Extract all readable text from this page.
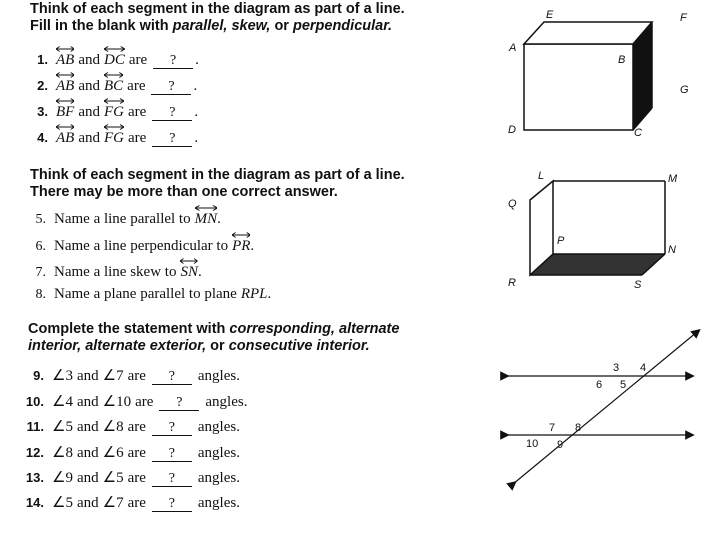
Think of each segment in the diagram as part of a line.
Fill in the blank with parallel, skew, or perpendicular.
1. AB and DC are ? .
2. AB and BC are ? .
3. BF and FG are ? .
4. AB and FG are ? .
E	F
A
B
G
D	C
Think of each segment in the diagram as part of a line.
There may be more than one correct answer.
5. Name a line parallel to MN.
6. Name a line perpendicular to PR.
7. Name a line skew to SN.
8. Name a plane parallel to plane RPL.
L	M
Q
P
N
R	S
Complete the statement with corresponding, alternate
interior, alternate exterior, or consecutive interior.
9. ∠3 and ∠7 are ? angles.
10. ∠4 and ∠10 are ? angles.
11. ∠5 and ∠8 are ? angles.
12. ∠8 and ∠6 are ? angles.
13. ∠9 and ∠5 are ? angles.
14. ∠5 and ∠7 are ? angles.
3 4
6 5
7 8
10 9
